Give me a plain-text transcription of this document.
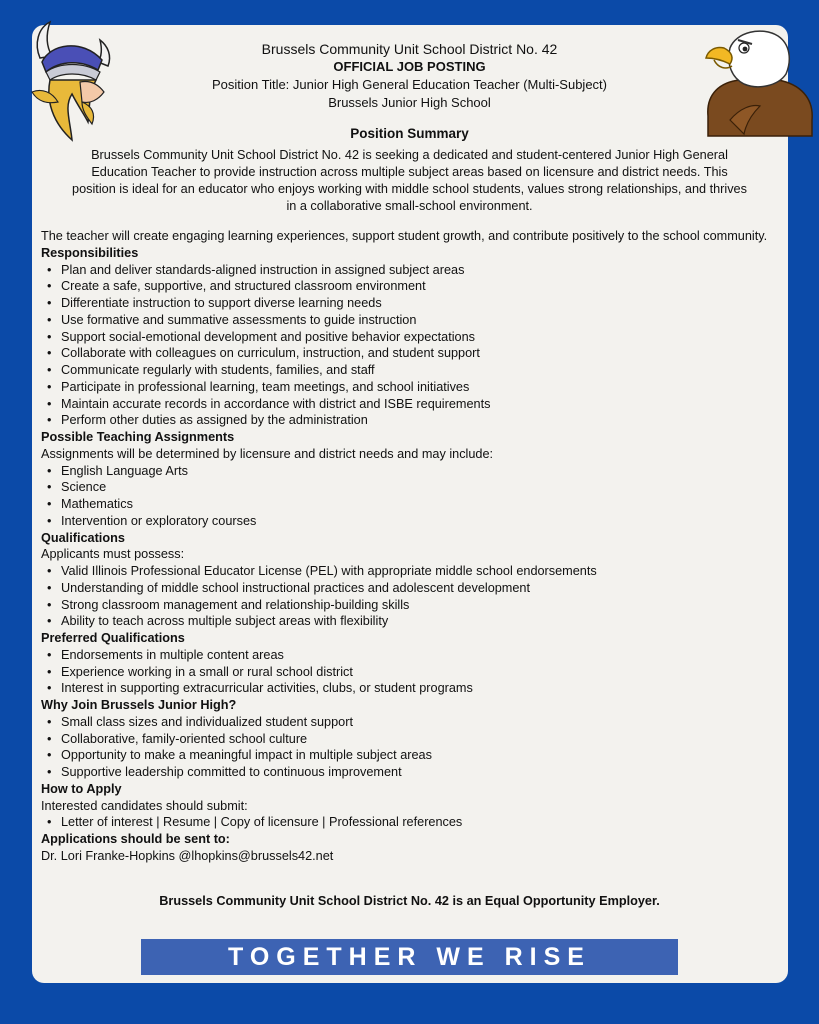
Brussels Community Unit School District No. 42
OFFICIAL JOB POSTING
Position Title: Junior High General Education Teacher (Multi-Subject)
Brussels Junior High School
Position Summary
Brussels Community Unit School District No. 42 is seeking a dedicated and student-centered Junior High General Education Teacher to provide instruction across multiple subject areas based on licensure and district needs. This position is ideal for an educator who enjoys working with middle school students, values strong relationships, and thrives in a collaborative small-school environment.

The teacher will create engaging learning experiences, support student growth, and contribute positively to the school community.

Responsibilities
• Plan and deliver standards-aligned instruction in assigned subject areas
• Create a safe, supportive, and structured classroom environment
• Differentiate instruction to support diverse learning needs
• Use formative and summative assessments to guide instruction
• Support social-emotional development and positive behavior expectations
• Collaborate with colleagues on curriculum, instruction, and student support
• Communicate regularly with students, families, and staff
• Participate in professional learning, team meetings, and school initiatives
• Maintain accurate records in accordance with district and ISBE requirements
• Perform other duties as assigned by the administration
Possible Teaching Assignments

Assignments will be determined by licensure and district needs and may include:

• English Language Arts
• Science
• Mathematics
• Intervention or exploratory courses
Qualifications

Applicants must possess:

• Valid Illinois Professional Educator License (PEL) with appropriate middle school endorsements
• Understanding of middle school instructional practices and adolescent development
• Strong classroom management and relationship-building skills
• Ability to teach across multiple subject areas with flexibility
Preferred Qualifications
• Endorsements in multiple content areas
• Experience working in a small or rural school district
• Interest in supporting extracurricular activities, clubs, or student programs
Why Join Brussels Junior High?
• Small class sizes and individualized student support
• Collaborative, family-oriented school culture
• Opportunity to make a meaningful impact in multiple subject areas
• Supportive leadership committed to continuous improvement
How to Apply

Interested candidates should submit:

• Letter of interest | Resume | Copy of licensure | Professional references
Applications should be sent to:

Dr. Lori Franke-Hopkins @lhopkins@brussels42.net

Brussels Community Unit School District No. 42 is an Equal Opportunity Employer.
TOGETHER WE RISE
